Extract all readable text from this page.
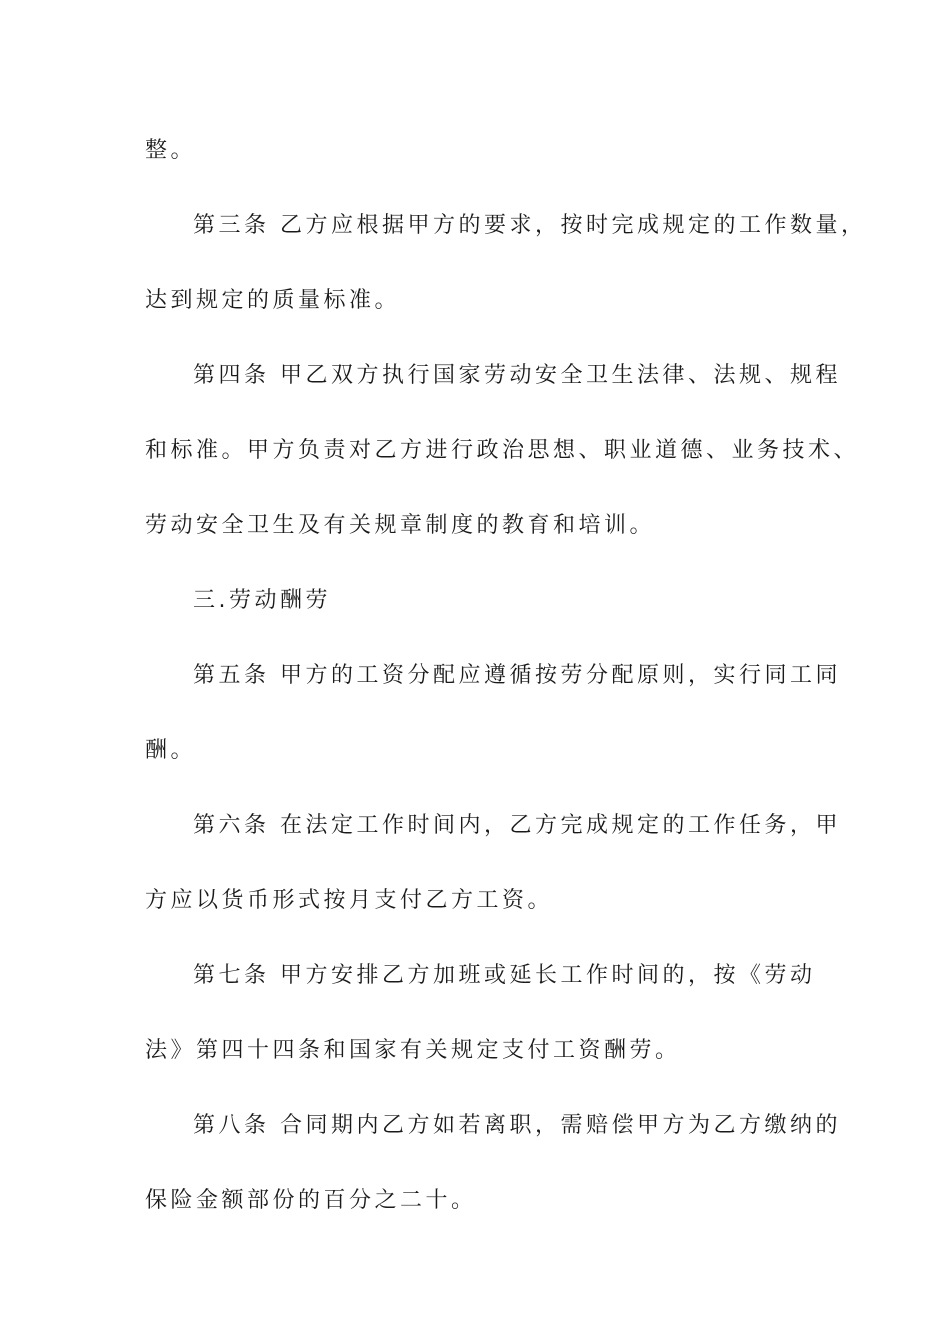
整。
第三条 乙方应根据甲方的要求，按时完成规定的工作数量，
达到规定的质量标准。
第四条 甲乙双方执行国家劳动安全卫生法律、法规、规程
和标准。甲方负责对乙方进行政治思想、职业道德、业务技术、
劳动安全卫生及有关规章制度的教育和培训。
三.劳动酬劳
第五条 甲方的工资分配应遵循按劳分配原则，实行同工同
酬。
第六条 在法定工作时间内，乙方完成规定的工作任务，甲
方应以货币形式按月支付乙方工资。
第七条 甲方安排乙方加班或延长工作时间的，按《劳动
法》第四十四条和国家有关规定支付工资酬劳。
第八条 合同期内乙方如若离职，需赔偿甲方为乙方缴纳的
保险金额部份的百分之二十。
